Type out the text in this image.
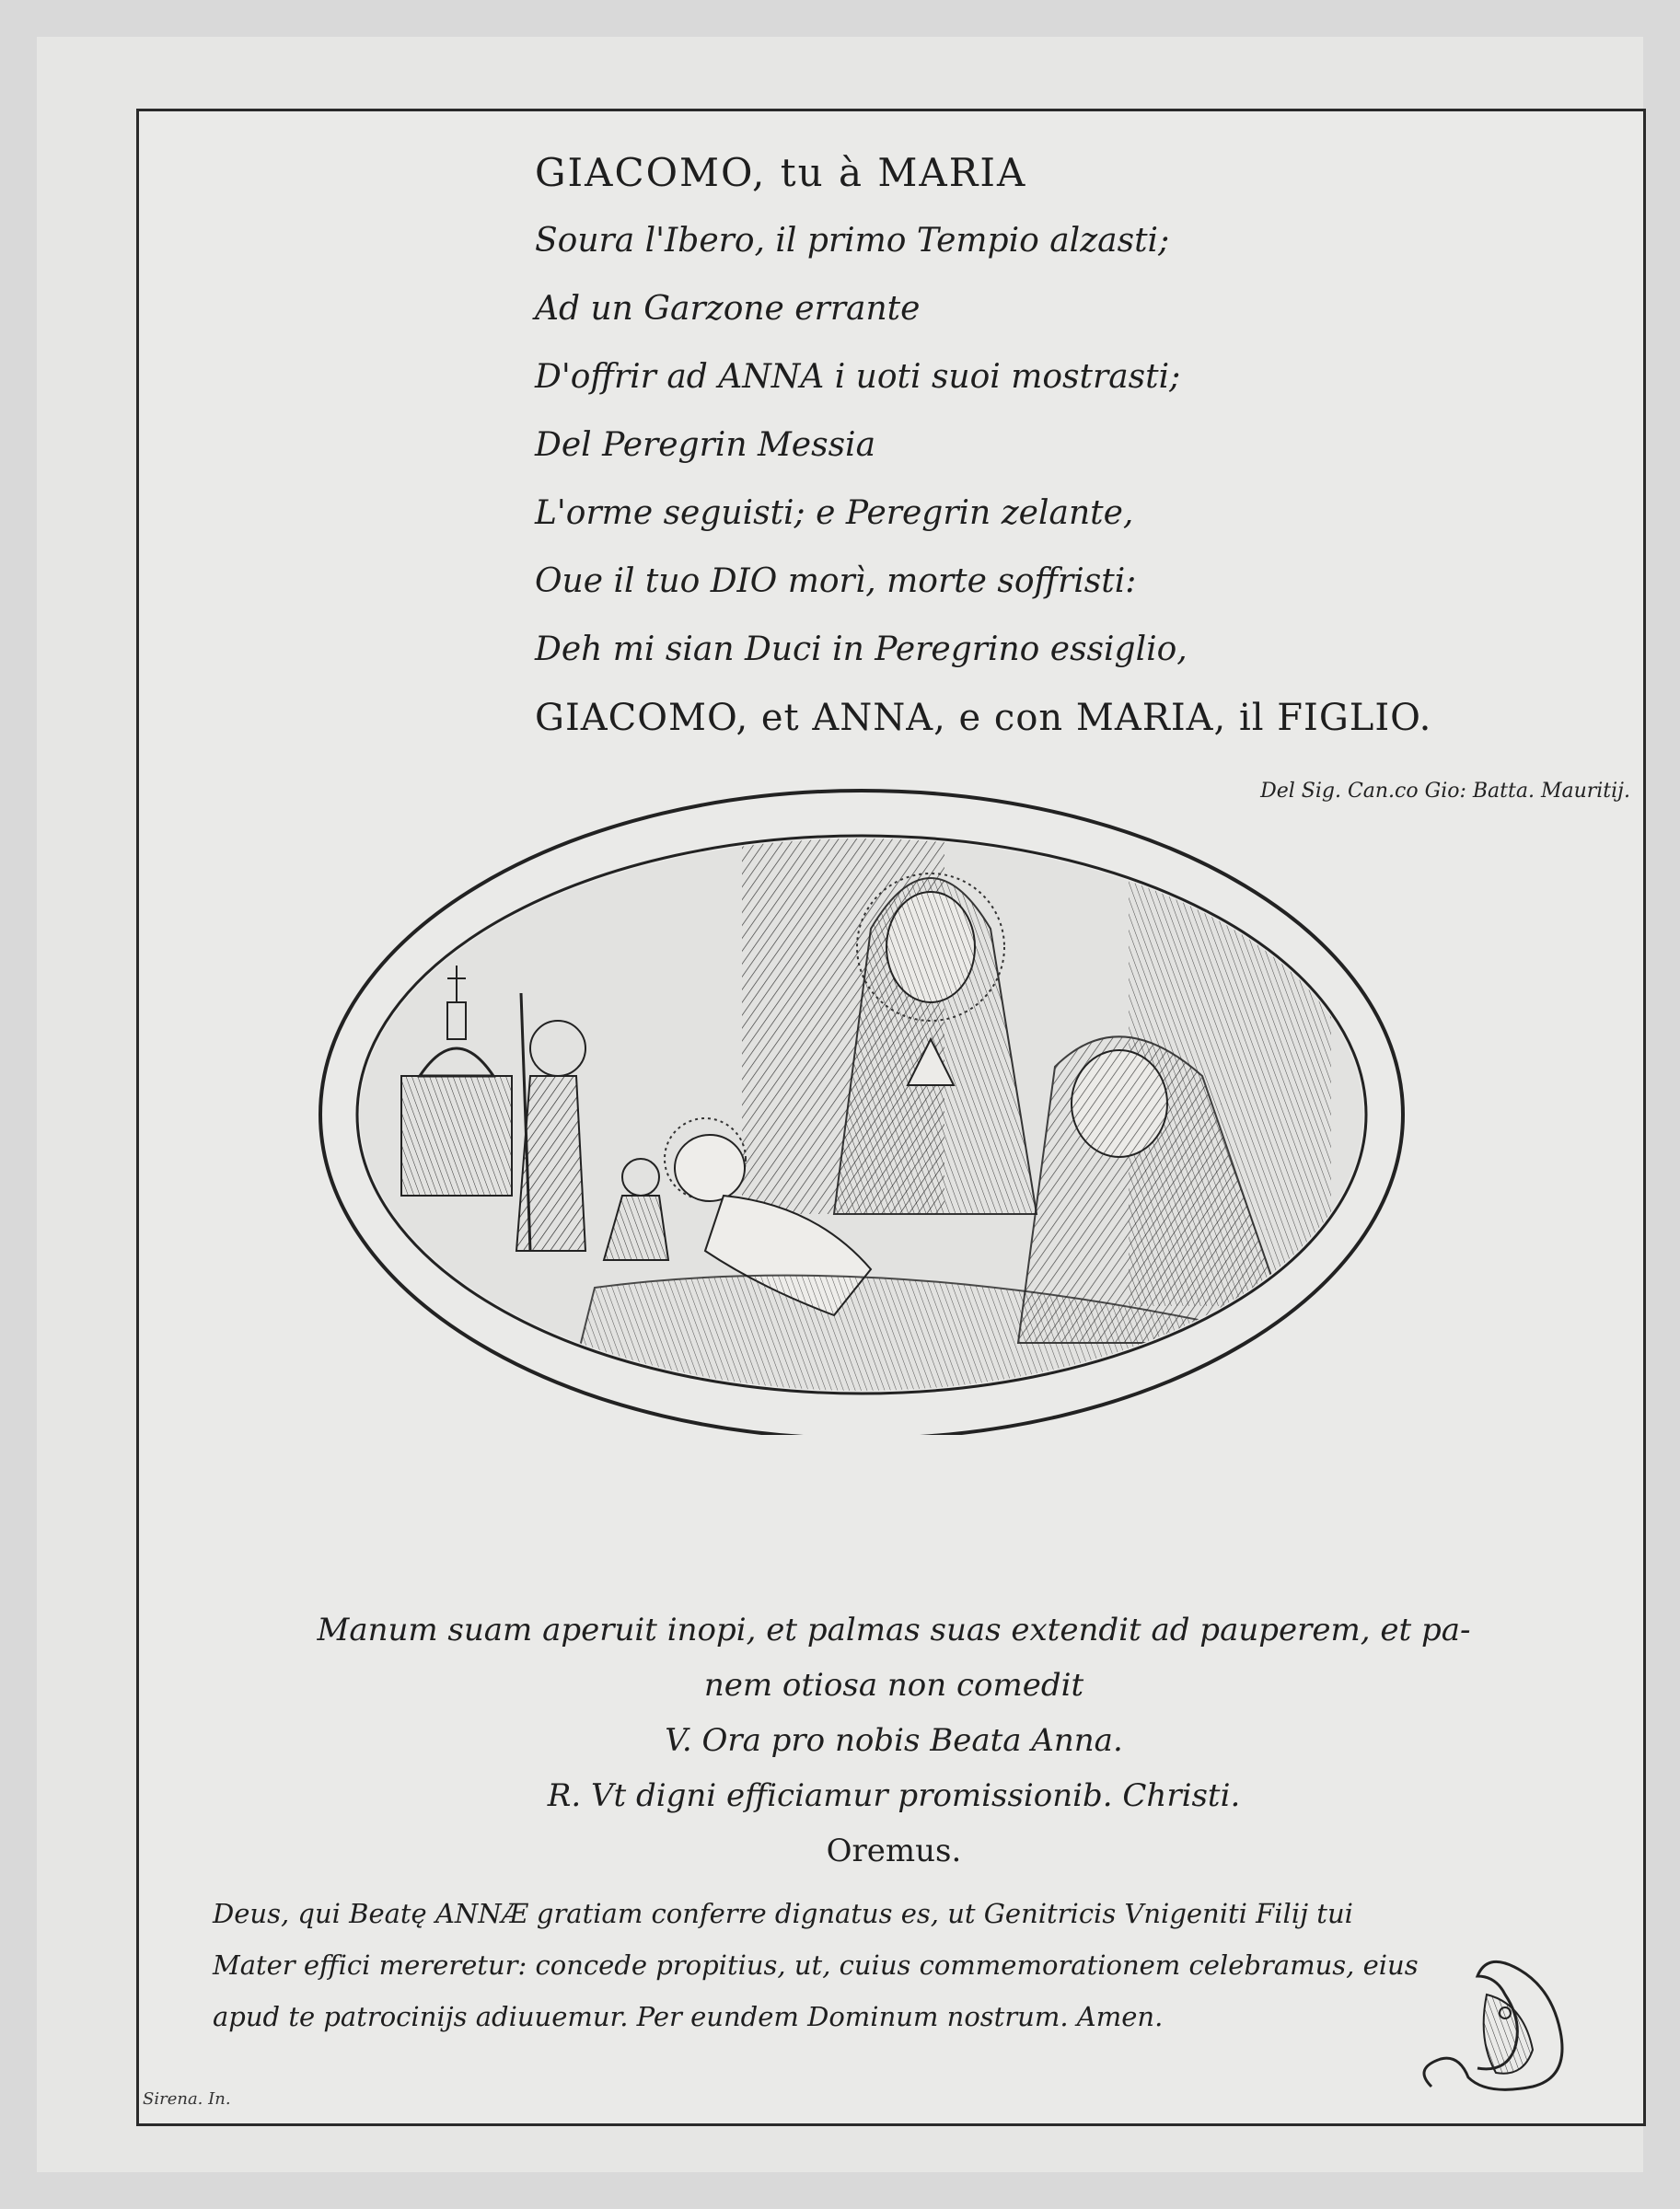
GIACOMO, tu à MARIA
Soura l'Ibero, il primo Tempio alzasti;
Ad un Garzone errante
D'offrir ad ANNA i uoti suoi mostrasti;
Del Peregrin Messia
L'orme seguisti; e Peregrin zelante,
Oue il tuo DIO morì, morte soffristi:
Deh mi sian Duci in Peregrino essiglio,
GIACOMO, et ANNA, e con MARIA, il FIGLIO.
Del Sig. Can.co Gio: Batta. Mauritij.
Manum suam aperuit inopi, et palmas suas extendit ad pauperem, et pa-
nem otiosa non comedit
V. Ora pro nobis Beata Anna.
R. Vt digni efficiamur promissionib. Christi.
Oremus.
Deus, qui Beatę ANNÆ gratiam conferre dignatus es, ut Genitricis Vnigeniti Filij tui
Mater effici mereretur: concede propitius, ut, cuius commemorationem celebramus, eius
apud te patrocinijs adiuuemur. Per eundem Dominum nostrum. Amen.
Sirena. In.
